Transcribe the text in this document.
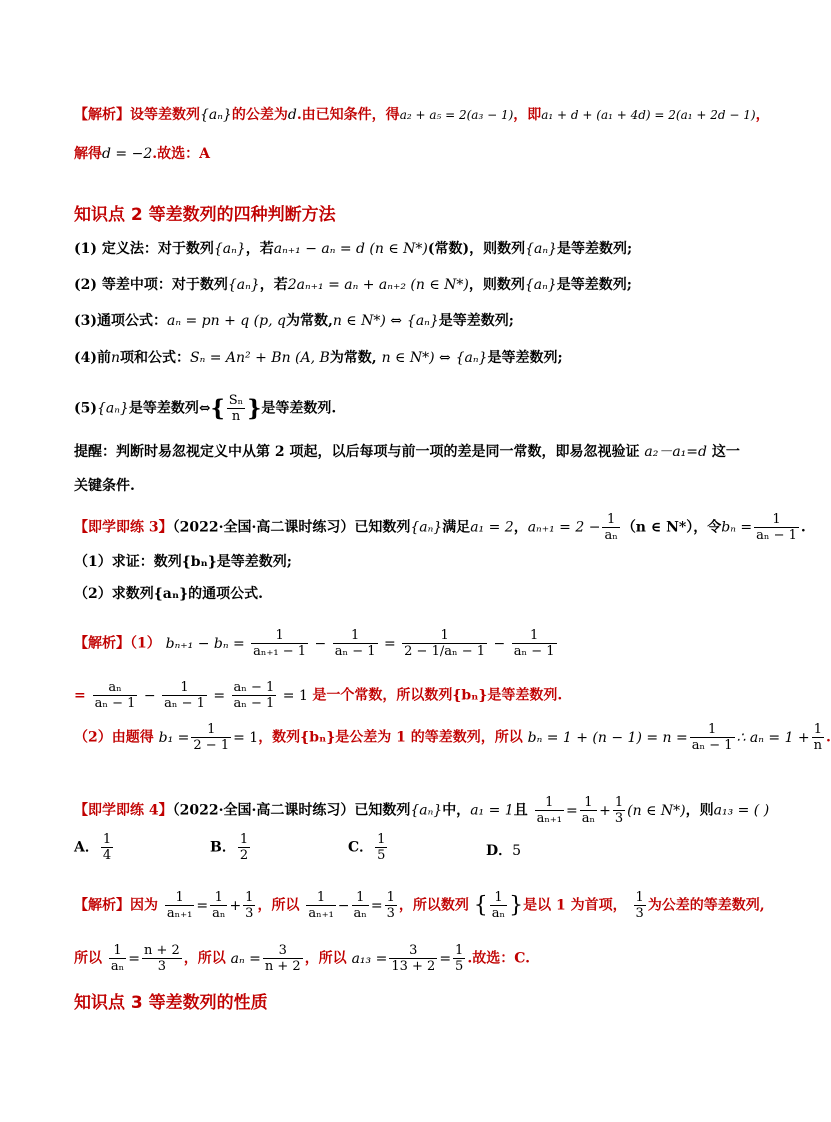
【解析】设等差数列{aₙ}的公差为d.由已知条件，得a₂ + a₅ = 2(a₃ − 1)，即a₁ + d + (a₁ + 4d) = 2(a₁ + 2d − 1)，
解得d = −2.故选：A
知识点 2 等差数列的四种判断方法
(1) 定义法：对于数列{aₙ}，若aₙ₊₁ − aₙ = d (n ∈ N*)(常数)，则数列{aₙ}是等差数列;
(2) 等差中项：对于数列{aₙ}，若2aₙ₊₁ = aₙ + aₙ₊₂ (n ∈ N*)，则数列{aₙ}是等差数列;
(3)通项公式：aₙ = pn + q (p, q为常数,n ∈ N*) ⇔ {aₙ}是等差数列;
(4)前n项和公式：Sₙ = An² + Bn (A, B为常数, n ∈ N*) ⇔ {aₙ}是等差数列;
(5){aₙ}是等差数列⇔{ $\frac{\text{Sₙ}}{n}$ }是等差数列.
提醒：判断时易忽视定义中从第 2 项起，以后每项与前一项的差是同一常数，即易忽视验证 a₂－a₁=d 这一
关键条件.
【即学即练 3】（2022·全国·高二课时练习）已知数列{aₙ}满足a₁ = 2，$a_{n+1} = 2 - \frac{1}{\text{aₙ}} (n$ ∈ N*），令$b_n = \frac{1}{\text{aₙ − 1}}$ .
（1）求证：数列{bₙ}是等差数列;
（2）求数列{aₙ}的通项公式.
【解析】（1） $b_{n+1} - b_n = \frac{1}{\text{aₙ₊₁ − 1}} - \frac{1}{\text{aₙ − 1}} = \frac{1}{\text{2 − 1/aₙ − 1}} - \frac{1}{\text{aₙ − 1}}$
= $\frac{\text{aₙ}}{\text{aₙ − 1}} - \frac{1}{\text{aₙ − 1}} = \frac{\text{aₙ − 1}}{\text{aₙ − 1}} = 1$ 是一个常数，所以数列{bₙ}是等差数列.
（2）由题得 $b_1 = \frac{1}{2 - 1} = 1$，数列{bₙ}是公差为 1 的等差数列，所以 $b_n = 1 + (n - 1) = n = \frac{1}{\text{aₙ − 1}}$ ∴ $a_n = 1 + \frac{1}{n}$ .
【即学即练 4】（2022·全国·高二课时练习）已知数列{aₙ}中，a₁ = 1且 $\frac{1}{\text{aₙ₊₁}} = \frac{1}{\text{aₙ}} + \frac{1}{3} (n$ ∈ N*)，则a₁₃ = ( )
A． $\frac{1}{4}$	B． $\frac{1}{2}$	C． $\frac{1}{5}$	D．5
【解析】因为 $\frac{1}{\text{aₙ₊₁}} = \frac{1}{\text{aₙ}} + \frac{1}{3}$ ，所以 $\frac{1}{\text{aₙ₊₁}} - \frac{1}{\text{aₙ}} = \frac{1}{3}$ ，所以数列 { $\frac{1}{\text{aₙ}}$ }是以 1 为首项， $\frac{1}{3}$ 为公差的等差数列,
所以 $\frac{1}{\text{aₙ}} = \frac{n + 2}{3}$ ，所以 $a_n = \frac{3}{n + 2}$ ，所以 $a_{13} = \frac{3}{13 + 2} = \frac{1}{5}$ .故选：C.
知识点 3 等差数列的性质
